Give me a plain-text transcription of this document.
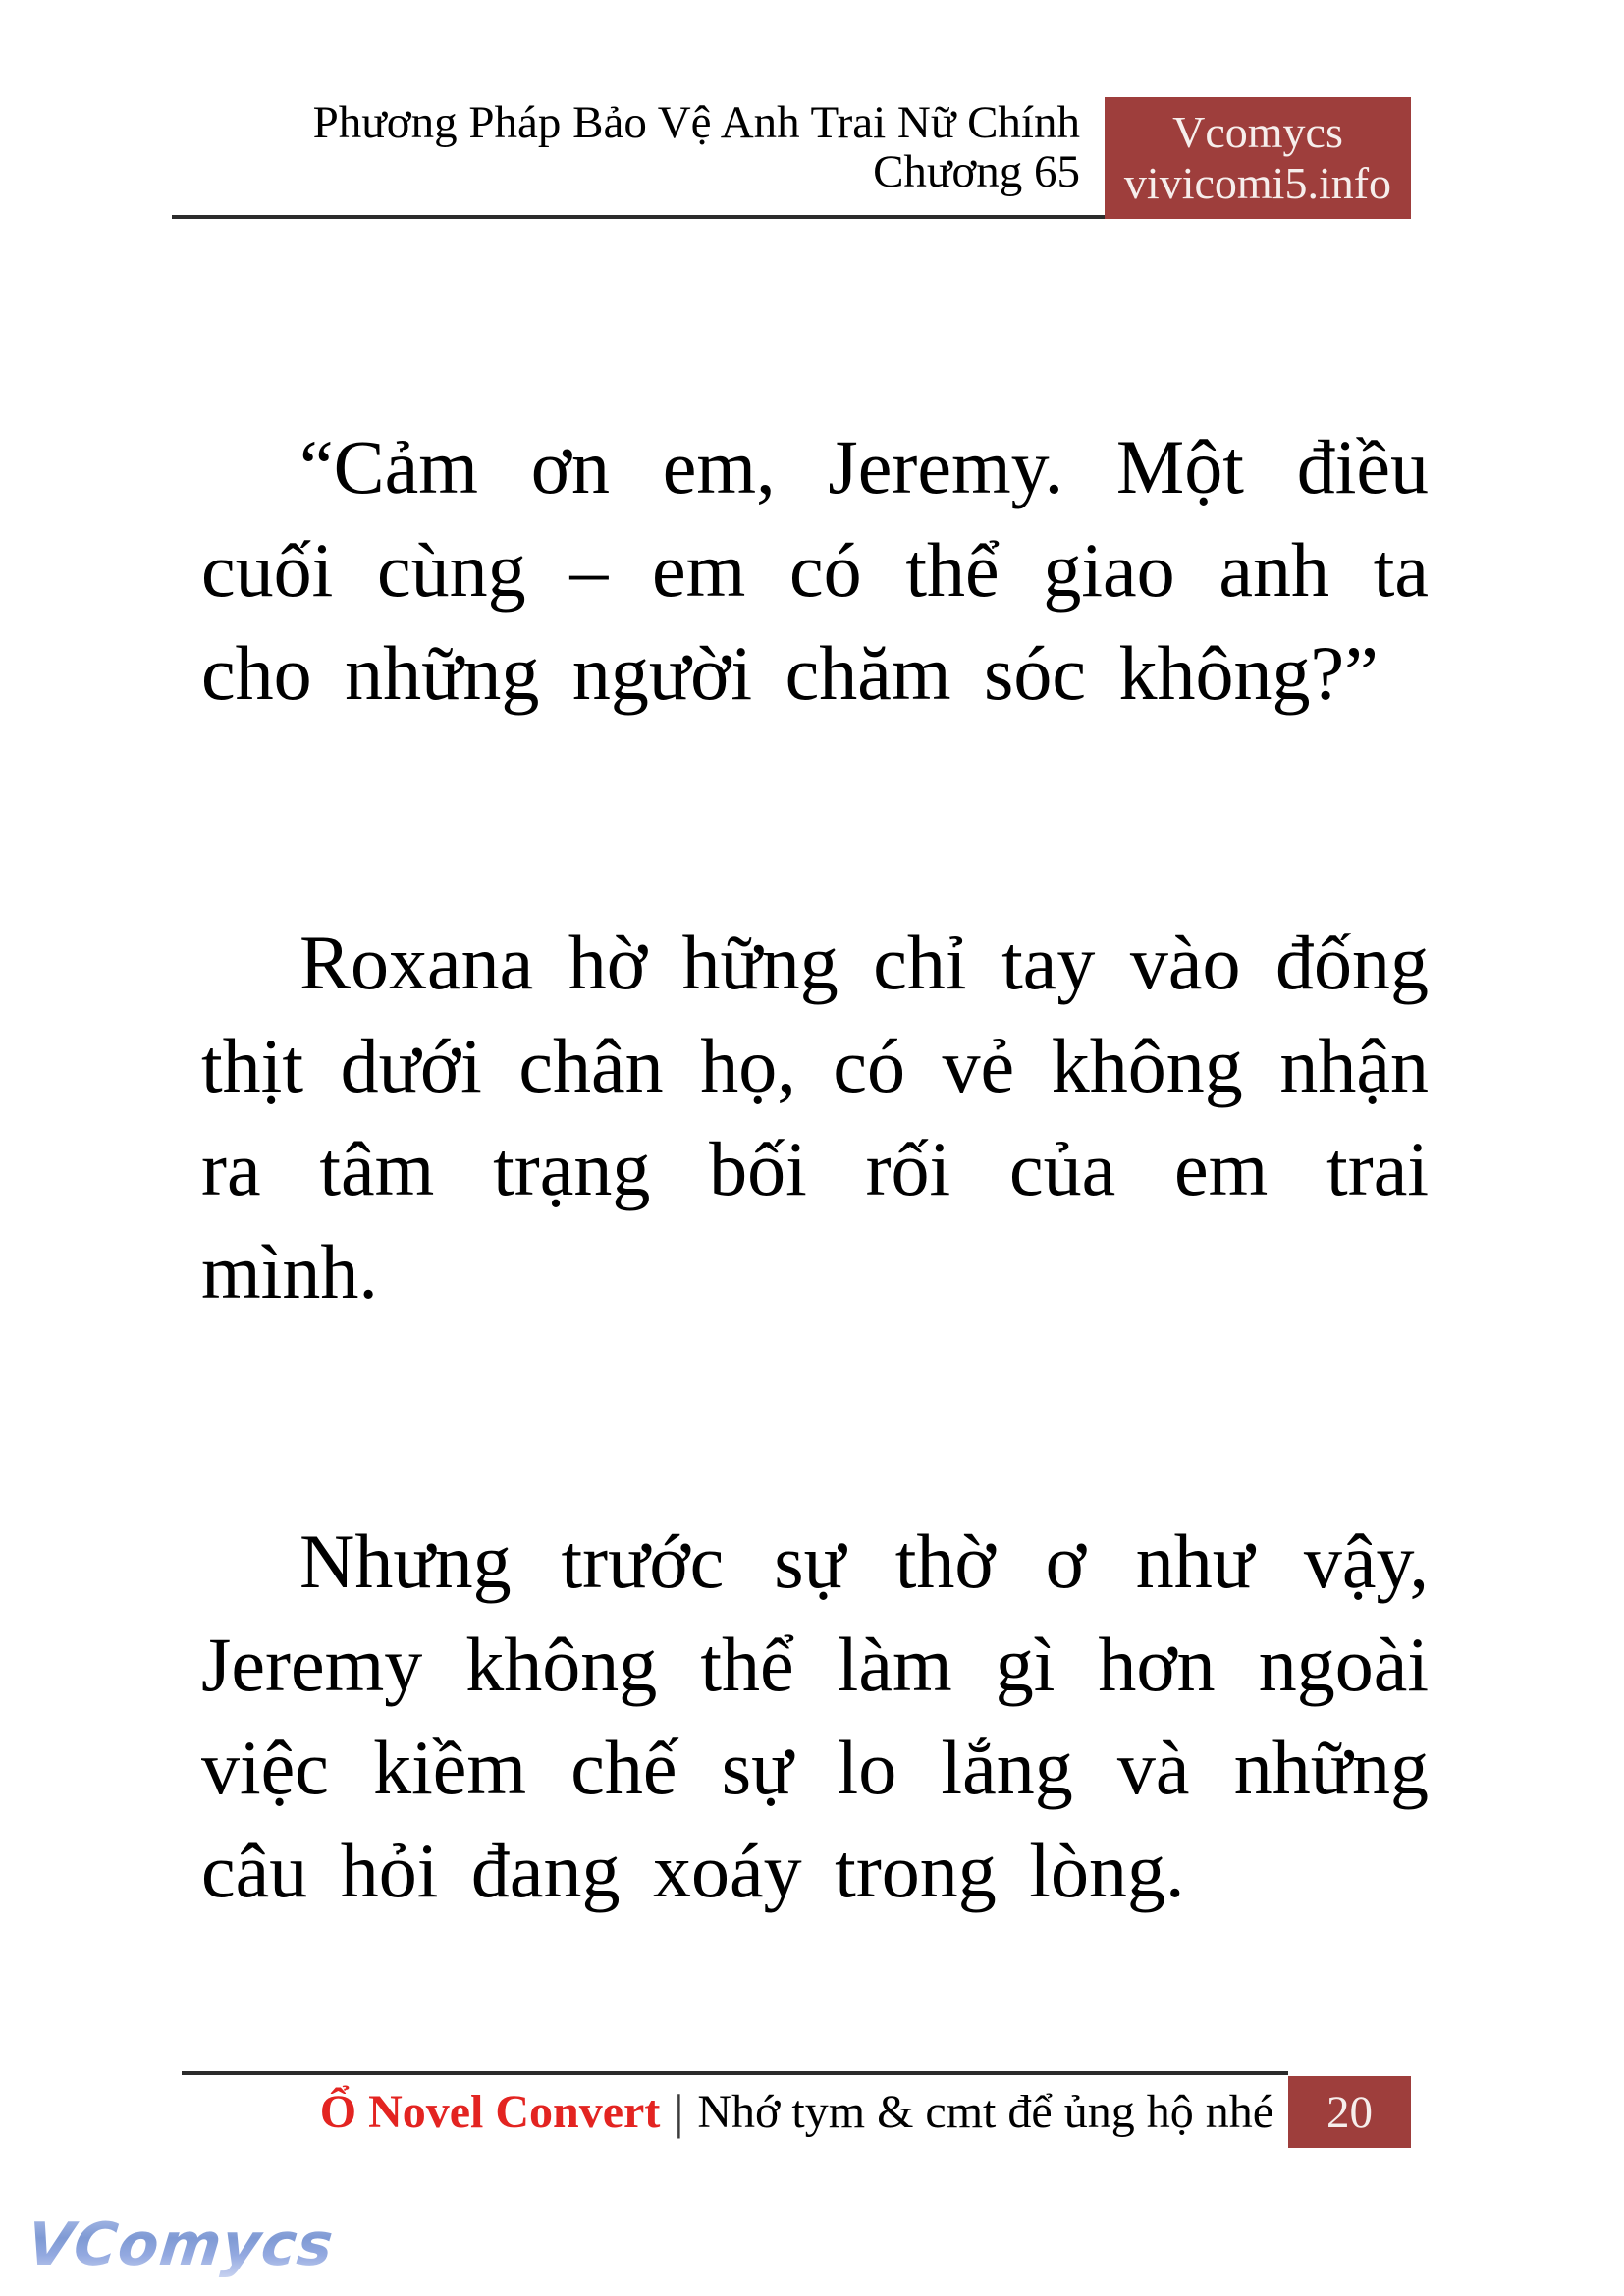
Phương Pháp Bảo Vệ Anh Trai Nữ Chính
Chương 65
Vcomycs
vivicomi5.info
“Cảm ơn em, Jeremy. Một điều
cuối cùng – em có thể giao anh ta
cho những người chăm sóc không?”
Roxana hờ hững chỉ tay vào đống
thịt dưới chân họ, có vẻ không nhận
ra tâm trạng bối rối của em trai mình.
Nhưng trước sự thờ ơ như vậy,
Jeremy không thể làm gì hơn ngoài
việc kiềm chế sự lo lắng và những
câu hỏi đang xoáy trong lòng.
Ổ Novel Convert | Nhớ tym & cmt để ủng hộ nhé 20
VComycs
